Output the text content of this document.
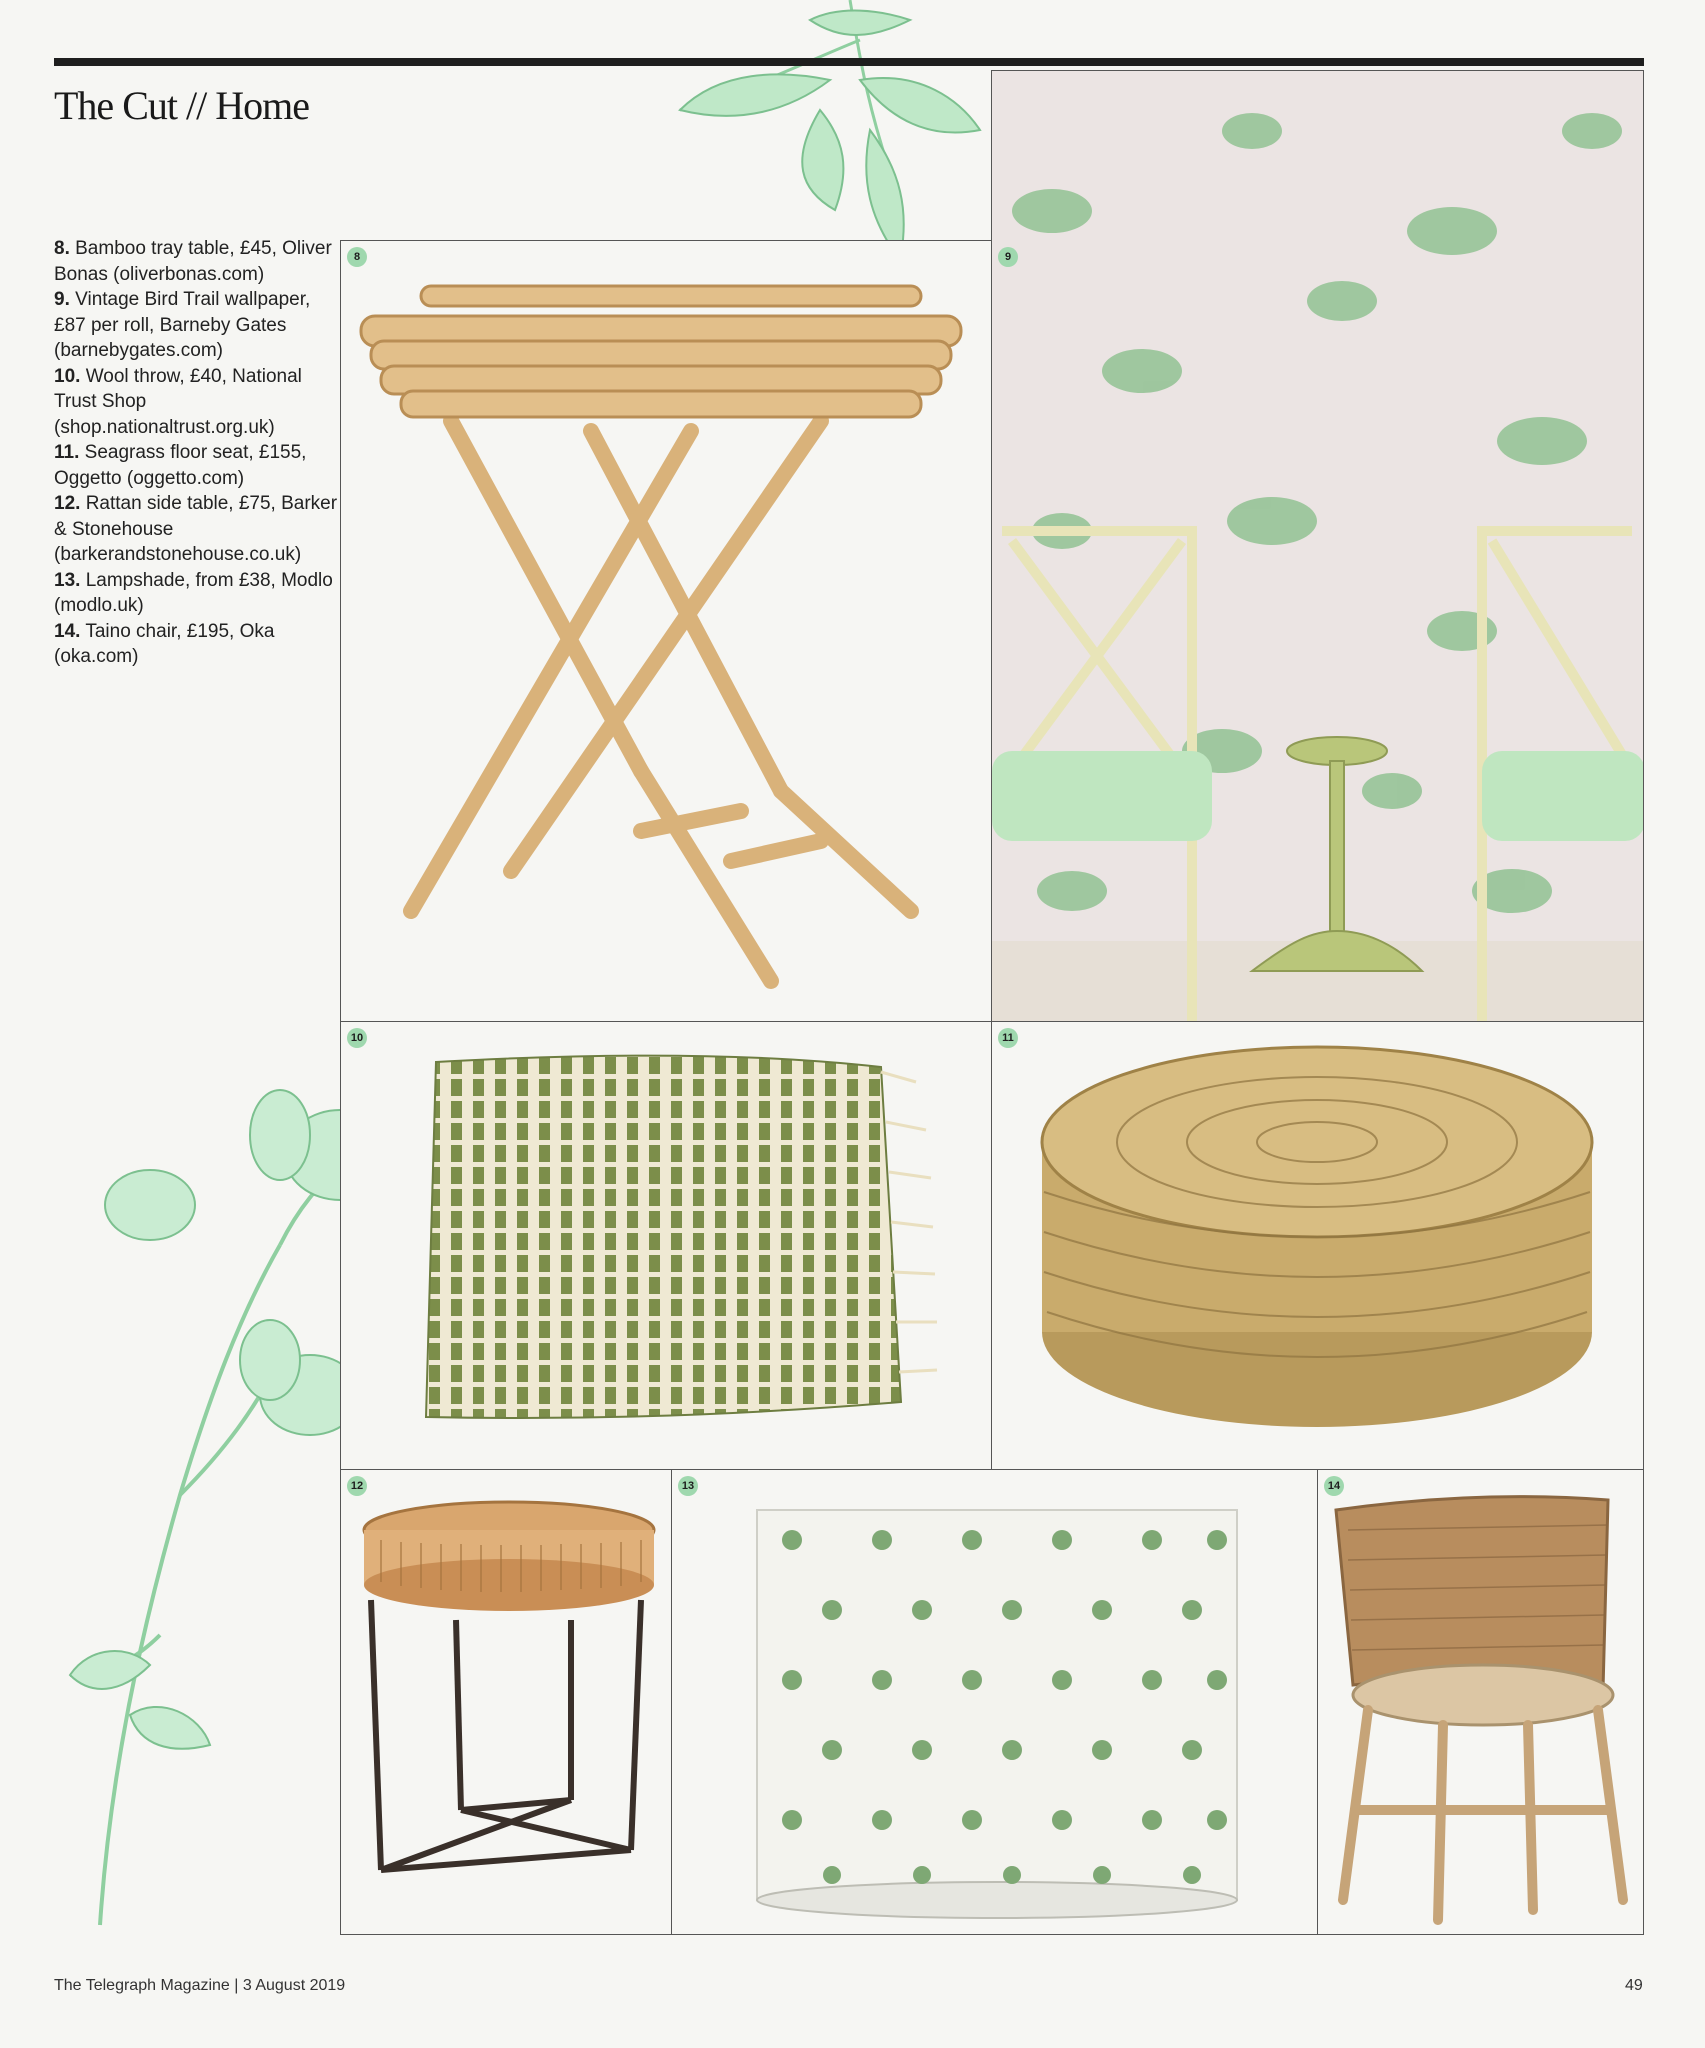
The Cut // Home

8. Bamboo tray table, £45, Oliver Bonas (oliverbonas.com)

9. Vintage Bird Trail wallpaper, £87 per roll, Barneby Gates (barnebygates.com)

10. Wool throw, £40, National Trust Shop (shop.nationaltrust.org.uk)

11. Seagrass floor seat, £155, Oggetto (oggetto.com)

12. Rattan side table, £75, Barker & Stonehouse (barkerandstonehouse.co.uk)

13. Lampshade, from £38, Modlo (modlo.uk)

14. Taino chair, £195, Oka (oka.com)

8	9
10	11
12	13	14
The Telegraph Magazine | 3 August 2019	49
